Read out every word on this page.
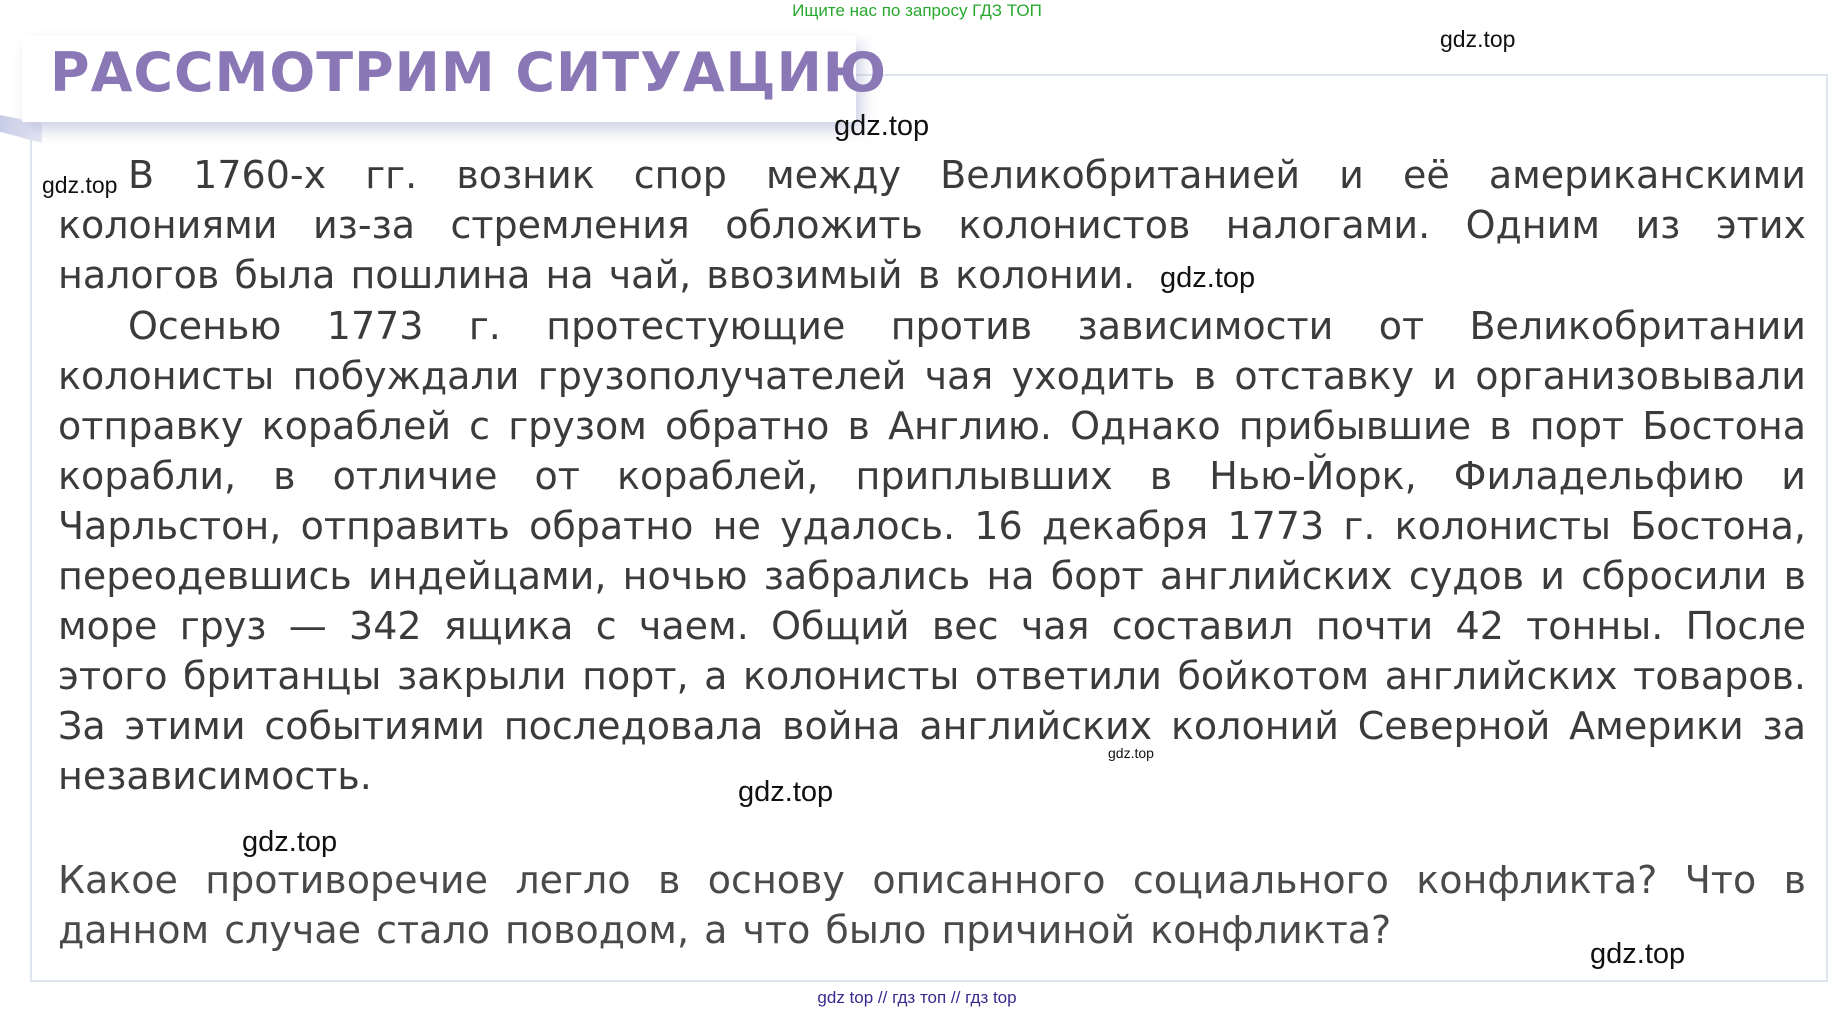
Ищите нас по запросу ГДЗ ТОП
РАССМОТРИМ СИТУАЦИЮ

В 1760-х гг. возник спор между Великобританией и её американскими колониями из-за стремления обложить колонистов налогами. Одним из этих налогов была пошлина на чай, ввозимый в колонии.

Осенью 1773 г. протестующие против зависимости от Великобритании колонисты побуждали грузополучателей чая уходить в отставку и организовывали отправку кораблей с грузом обратно в Англию. Однако прибывшие в порт Бостона корабли, в отличие от кораблей, приплывших в Нью-Йорк, Филадельфию и Чарльстон, отправить обратно не удалось. 16 декабря 1773 г. колонисты Бостона, переодевшись индейцами, ночью забрались на борт английских судов и сбросили в море груз — 342 ящика с чаем. Общий вес чая составил почти 42 тонны. После этого британцы закрыли порт, а колонисты ответили бойкотом английских товаров. За этими событиями последовала война английских колоний Северной Америки за независимость.

Какое противоречие легло в основу описанного социального конфликта? Что в данном случае стало поводом, а что было причиной конфликта?

gdz.top
gdz.top
gdz.top
gdz.top
gdz.top
gdz.top
gdz.top
gdz.top
gdz top // гдз топ // гдз top
